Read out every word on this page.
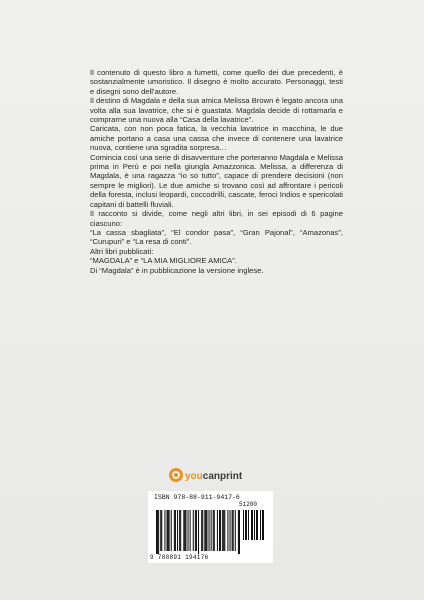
Il contenuto di questo libro a fumetti, come quello dei due precedenti, è sostanzialmente umoristico. Il disegno è molto accurato. Personaggi, testi e disegni sono dell’autore.

Il destino di Magdala e della sua amica Melissa Brown è legato ancora una volta alla sua lavatrice, che si è guastata. Magdala decide di rottamarla e comprarne una nuova alla “Casa della lavatrice”.

Caricata, con non poca fatica, la vecchia lavatrice in macchina, le due amiche portano a casa una cassa che invece di contenere una lavatrice nuova, contiene una sgradita sorpresa…

Comincia così una serie di disavventure che porteranno Magdala e Melissa prima in Perù e poi nella giungla Amazzonica. Melissa, a differenza di Magdala, è una ragazza “io so tutto”, capace di prendere decisioni (non sempre le migliori). Le due amiche si trovano così ad affrontare i pericoli della foresta, inclusi leopardi, coccodrilli, cascate, feroci Indios e spericolati capitani di battelli fluviali.

Il racconto si divide, come negli altri libri, in sei episodi di 6 pagine ciascuno:

“La cassa sbagliata”, “El condor pasa”, “Gran Pajonal”, “Amazonas”, “Curupuri” e “La resa di conti”.

Altri libri pubblicati:

“MAGDALA” e “LA MIA MIGLIORE AMICA”.

Di “Magdala” è in pubblicazione la versione inglese.

youcanprint
ISBN 978-88-911-9417-6
51200
9 788891 194176
